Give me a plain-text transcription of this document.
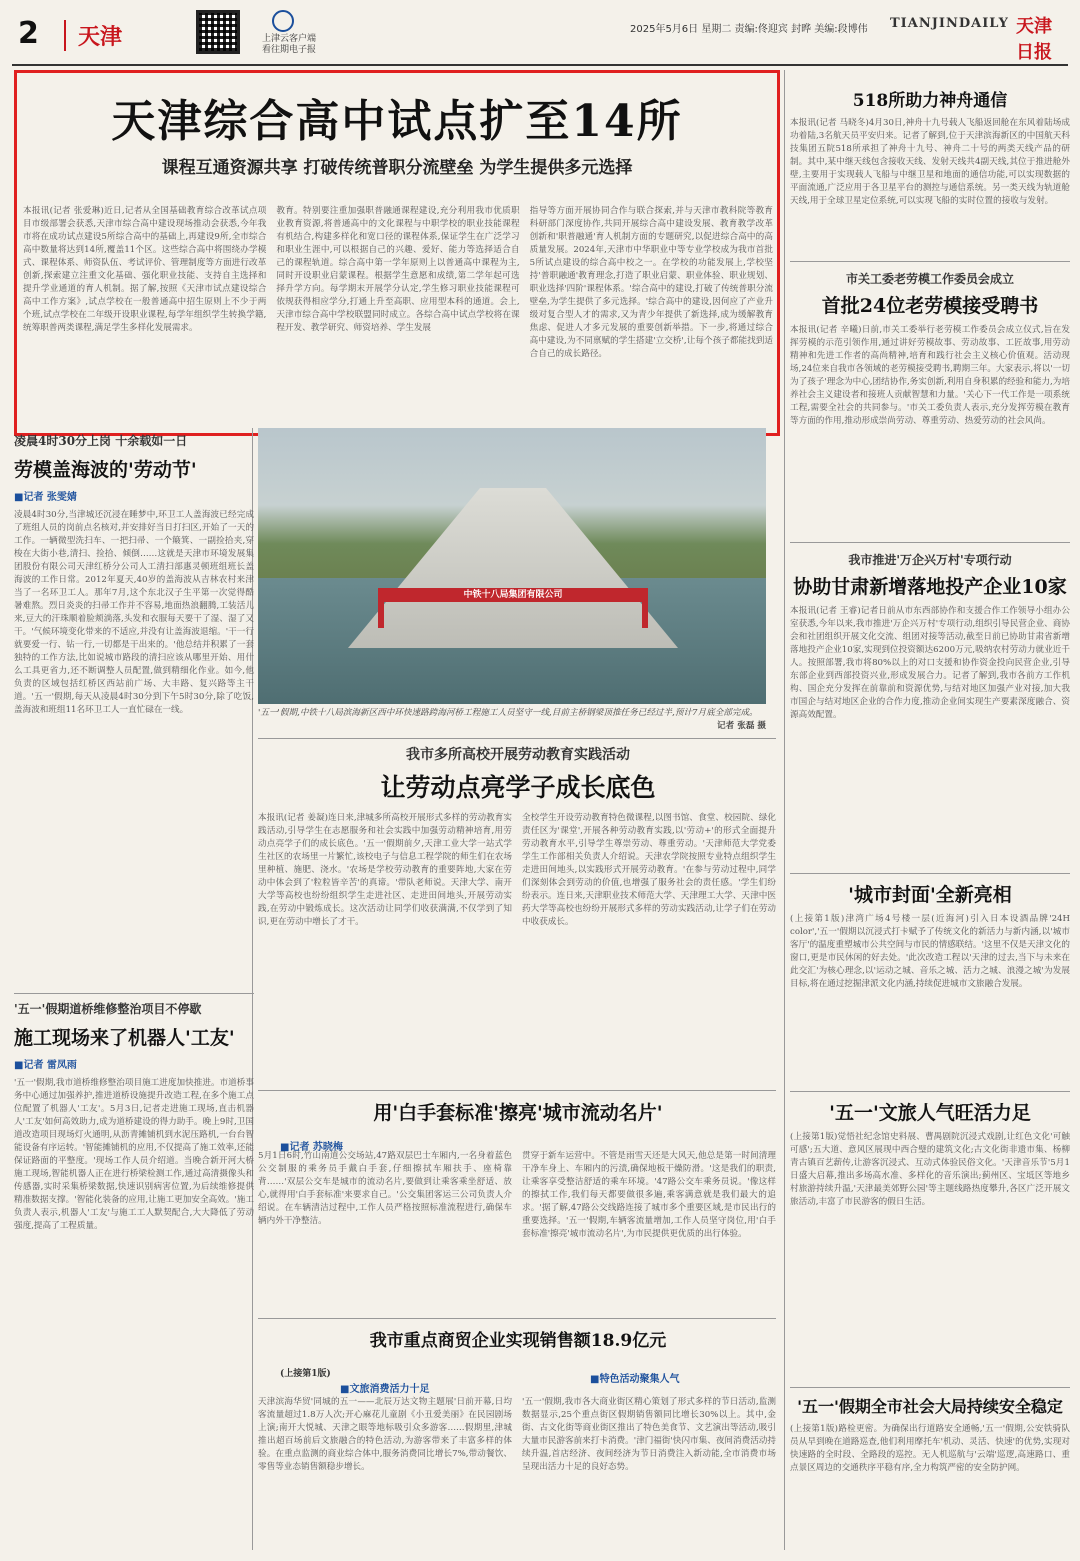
2	天津	上津云客户端
看往期电子报
2025年5月6日 星期二 责编:佟迎宾 封晔 美编:段博伟 TIANJINDAILY 天津日报
天津综合高中试点扩至14所
课程互通资源共享 打破传统普职分流壁垒 为学生提供多元选择

本报讯(记者 张爱琳)近日,记者从全国基础教育综合改革试点项目市级部署会获悉,天津市综合高中建设现场推动会获悉,今年我市将在成功试点建设5所综合高中的基础上,再建设9所,全市综合高中数量将达到14所,覆盖11个区。这些综合高中将围绕办学模式、课程体系、师资队伍、考试评价、管理制度等方面进行改革创新,探索建立注重文化基础、强化职业技能、支持自主选择和提升学业通道的育人机制。据了解,按照《天津市试点建设综合高中工作方案》,试点学校在一般普通高中招生原则上不少于两个班,试点学校在二年级开设职业课程,每学年组织学生转换学籍,统筹职普两类课程,满足学生多样化发展需求。

教育。特别要注重加强职普融通课程建设,充分利用我市优质职业教育资源,将普通高中的文化课程与中职学校的职业技能课程有机结合,构建多样化和宽口径的课程体系,保证学生在广泛学习和职业生涯中,可以根据自己的兴趣、爱好、能力等选择适合自己的课程轨道。综合高中第一学年原则上以普通高中课程为主,同时开设职业启蒙课程。根据学生意愿和成绩,第二学年起可选择升学方向。每学期末开展学分认定,学生修习职业技能课程可依规获得相应学分,打通上升至高职、应用型本科的通道。会上,天津市综合高中学校联盟同时成立。各综合高中试点学校将在课程开发、教学研究、师资培养、学生发展

指导等方面开展协同合作与联合探索,并与天津市教科院等教育科研部门深度协作,共同开展综合高中建设发展、教育教学改革创新和'职普融通'育人机制方面的专题研究,以促进综合高中的高质量发展。2024年,天津市中华职业中等专业学校成为我市首批5所试点建设的综合高中校之一。在学校的功能发展上,学校坚持'普职融通'教育理念,打造了职业启蒙、职业体验、职业规划、职业选择'四阶'课程体系。'综合高中的建设,打破了传统普职分流壁垒,为学生提供了多元选择。'综合高中的建设,因何应了产业升级对复合型人才的需求,又为青少年提供了新选择,成为缓解教育焦虑、促进人才多元发展的重要创新举措。下一步,将通过综合高中建设,为不同禀赋的学生搭建'立交桥',让每个孩子都能找到适合自己的成长路径。

518所助力神舟通信
本报讯(记者 马晓冬)4月30日,神舟十九号载人飞船返回舱在东风着陆场成功着陆,3名航天员平安归来。记者了解到,位于天津滨海新区的中国航天科技集团五院518所承担了神舟十九号、神舟二十号的两类天线产品的研制。其中,某中继天线包含接收天线、发射天线共4副天线,其位于推进舱外壁,主要用于实现载人飞船与中继卫星和地面的通信功能,可以实现数据的平面流通,广泛应用于各卫星平台的测控与通信系统。另一类天线为轨道舱天线,用于全球卫星定位系统,可以实现飞船的实时位置的接收与发射。
市关工委老劳模工作委员会成立
首批24位老劳模接受聘书
本报讯(记者 辛曦)日前,市关工委举行老劳模工作委员会成立仪式,旨在发挥劳模的示范引领作用,通过讲好劳模故事、劳动故事、工匠故事,用劳动精神和先进工作者的高尚精神,培育和践行社会主义核心价值观。活动现场,24位来自我市各领域的老劳模接受聘书,聘期三年。大家表示,将以'一切为了孩子'理念为中心,团结协作,务实创新,利用自身积累的经验和能力,为培养社会主义建设者和接班人贡献智慧和力量。'关心下一代工作是一项系统工程,需要全社会的共同参与。'市关工委负责人表示,充分发挥劳模在教育等方面的作用,推动形成崇尚劳动、尊重劳动、热爱劳动的社会风尚。
我市推进'万企兴万村'专项行动
协助甘肃新增落地投产企业10家
本报讯(记者 王睿)记者日前从市东西部协作和支援合作工作领导小组办公室获悉,今年以来,我市推进'万企兴万村'专项行动,组织引导民营企业、商协会和社团组织开展文化交流、组团对接等活动,截至日前已协助甘肃省新增落地投产企业10家,实现到位投资额达6200万元,吸纳农村劳动力就业近千人。按照部署,我市将80%以上的对口支援和协作资金投向民营企业,引导东部企业到西部投资兴业,形成发展合力。记者了解到,我市各前方工作机构、国企充分发挥在前靠前和资源优势,与结对地区加强产业对接,加大我市国企与结对地区企业的合作力度,推动企业间实现生产要素深度融合、资源高效配置。
'城市封面'全新亮相
(上接第1版)津湾广场4号楼一层(近海河)引入日本设酒品牌'24H color','五一'假期以沉浸式打卡赋予了传统文化的新活力与新内涵,以'城市客厅'的温度重塑城市公共空间与市民的情感联结。'这里不仅是天津文化的窗口,更是市民休闲的好去处。'此次改造工程以'天津的过去,当下与未来在此交汇'为核心理念,以'运动之城、音乐之城、活力之城、浪漫之城'为发展目标,将在通过挖掘津派文化内涵,持续促进城市文旅融合发展。
'五一'文旅人气旺活力足
(上接第1版)觉悟社纪念馆史料展、曹禺剧院沉浸式戏剧,让红色文化'可触可感';五大道、意风区展现中西合璧的建筑文化;古文化街非遗市集、杨柳青古镇百艺薪传,让游客沉浸式、互动式体验民俗文化。'天津音乐节'5月1日盛大启幕,推出多场高水准、多样化的音乐演出;蓟州区、宝坻区等地乡村旅游持续升温,'天津最美郊野公园'等主题线路热度攀升,各区广泛开展文旅活动,丰富了市民游客的假日生活。
'五一'假期全市社会大局持续安全稳定
(上接第1版)路检更密。为确保出行道路安全通畅,'五一'假期,公安铁骑队员从早到晚在道路巡查,他们利用摩托车'机动、灵活、快速'的优势,实现对快速路的全时段、全路段的巡控。无人机巡航与'云端'巡逻,高速路口、重点景区周边的交通秩序平稳有序,全力构筑严密的安全防护网。
凌晨4时30分上岗 十余载如一日
劳模盖海波的'劳动节'
■记者 张雯婧
凌晨4时30分,当津城还沉浸在睡梦中,环卫工人盖海波已经完成了班组人员的岗前点名核对,并安排好当日打扫区,开始了一天的工作。一辆微型洗扫车、一把扫帚、一个簸箕、一副捡拾夹,穿梭在大街小巷,清扫、捡拾、倾倒……这就是天津市环境发展集团股份有限公司天津红桥分公司人工清扫部惠灵顿班组班长盖海波的工作日常。2012年夏天,40岁的盖海波从吉林农村来津当了一名环卫工人。那年7月,这个东北汉子生平第一次觉得酷暑难熬。烈日炎炎的扫帚工作并不容易,地面热浪翻腾,工装活儿来,豆大的汗珠顺着脸颊淌落,头发和衣服每天要干了湿、湿了又干。'气候环境变化带来的不适应,并没有让盖海波退缩。'干一行就要爱一行、钻一行,一切都是干出来的。'他总结并积累了一套独特的工作方法,比如说城市路段的清扫应该从哪里开始、用什么工具更省力,还不断调整人员配置,做到精细化作业。如今,他负责的区域包括红桥区西站前广场、大丰路、复兴路等主干道。'五一'假期,每天从凌晨4时30分到下午5时30分,除了吃饭,盖海波和班组11名环卫工人一直忙碌在一线。
'五一'假期道桥维修整治项目不停歇
施工现场来了机器人'工友'
■记者 雷凤雨
'五一'假期,我市道桥维修整治项目施工进度加快推进。市道桥事务中心通过加强养护,推进道桥设施提升改造工程,在多个施工点位配置了机器人'工友'。5月3日,记者走进施工现场,直击机器人'工友'如何高效助力,成为道桥建设的得力助手。晚上9时,卫国道改造项目现场灯火通明,从沥青摊铺机到水泥压路机,一台台智能设备有序运转。'智能摊铺机的应用,不仅提高了施工效率,还能保证路面的平整度。'现场工作人员介绍道。当晚合新开河大桥施工现场,智能机器人正在进行桥梁检测工作,通过高清摄像头和传感器,实时采集桥梁数据,快速识别病害位置,为后续维修提供精准数据支撑。'智能化装备的应用,让施工更加安全高效。'施工负责人表示,机器人'工友'与施工工人默契配合,大大降低了劳动强度,提高了工程质量。
中铁十八局集团有限公司
'五一'假期,中铁十八局滨海新区西中环快速路跨海河桥工程施工人员坚守一线,目前主桥钢梁顶推任务已经过半,预计7月底全部完成。
记者 张磊 摄
我市多所高校开展劳动教育实践活动
让劳动点亮学子成长底色

本报讯(记者 姜凝)连日来,津城多所高校开展形式多样的劳动教育实践活动,引导学生在志愿服务和社会实践中加强劳动精神培育,用劳动点亮学子们的成长底色。'五一'假期前夕,天津工业大学一站式学生社区的农场里一片繁忙,该校电子与信息工程学院的师生们在农场里种植、施肥、浇水。'农场是学校劳动教育的重要阵地,大家在劳动中体会到了'粒粒皆辛苦'的真谛。'带队老师说。天津大学、南开大学等高校也纷纷组织学生走进社区、走进田间地头,开展劳动实践,在劳动中锻炼成长。这次活动让同学们收获满满,不仅学到了知识,更在劳动中增长了才干。

全校学生开设劳动教育特色微课程,以图书馆、食堂、校园院、绿化责任区为'课堂',开展各种劳动教育实践,以'劳动+'的形式全面提升劳动教育水平,引导学生尊崇劳动、尊重劳动。'天津师范大学党委学生工作部相关负责人介绍说。天津农学院按照专业特点组织学生走进田间地头,以实践形式开展劳动教育。'在参与劳动过程中,同学们深刻体会到劳动的价值,也增强了服务社会的责任感。'学生们纷纷表示。连日来,天津职业技术师范大学、天津理工大学、天津中医药大学等高校也纷纷开展形式多样的劳动实践活动,让学子们在劳动中收获成长。

用'白手套标准'擦亮'城市流动名片'
■记者 苏晓梅

5月1日6时,竹山南道公交场站,47路双层巴士车厢内,一名身着蓝色公交制服的乘务员手戴白手套,仔细擦拭车厢扶手、座椅靠背……'双层公交车是城市的流动名片,要做到让乘客乘坐舒适、放心,就得用'白手套标准'来要求自己。'公交集团客运三公司负责人介绍说。在车辆清洁过程中,工作人员严格按照标准流程进行,确保车辆内外干净整洁。

贯穿于新车运营中。不管是雨雪天还是大风天,他总是第一时间清理干净车身上、车厢内的污渍,确保地板干燥防滑。'这是我们的职责,让乘客享受整洁舒适的乘车环境。'47路公交车乘务员说。'像这样的擦拭工作,我们每天都要做很多遍,乘客满意就是我们最大的追求。'据了解,47路公交线路连接了城市多个重要区域,是市民出行的重要选择。'五一'假期,车辆客流量增加,工作人员坚守岗位,用'白手套标准'擦亮'城市流动名片',为市民提供更优质的出行体验。

我市重点商贸企业实现销售额18.9亿元
(上接第1版)
■文旅消费活力十足
■特色活动聚集人气

天津滨海华贸'同城的五一——北辰万达文物主题展'日前开幕,日均客流量超过1.8万人次;开心麻花儿童剧《小丑爱美丽》在民园剧场上演;南开大悦城、天津之眼等地标吸引众多游客……假期里,津城推出超百场前后文旅融合的特色活动,为游客带来了丰富多样的体验。在重点监测的商业综合体中,服务消费同比增长7%,带动餐饮、零售等业态销售额稳步增长。

'五一'假期,我市各大商业街区精心策划了形式多样的节日活动,监测数据显示,25个重点街区假期销售额同比增长30%以上。其中,金街、古文化街等商业街区推出了特色美食节、文艺演出等活动,吸引大量市民游客前来打卡消费。'津门福街'快闪市集、夜间消费活动持续升温,首店经济、夜间经济为节日消费注入新动能,全市消费市场呈现出活力十足的良好态势。
